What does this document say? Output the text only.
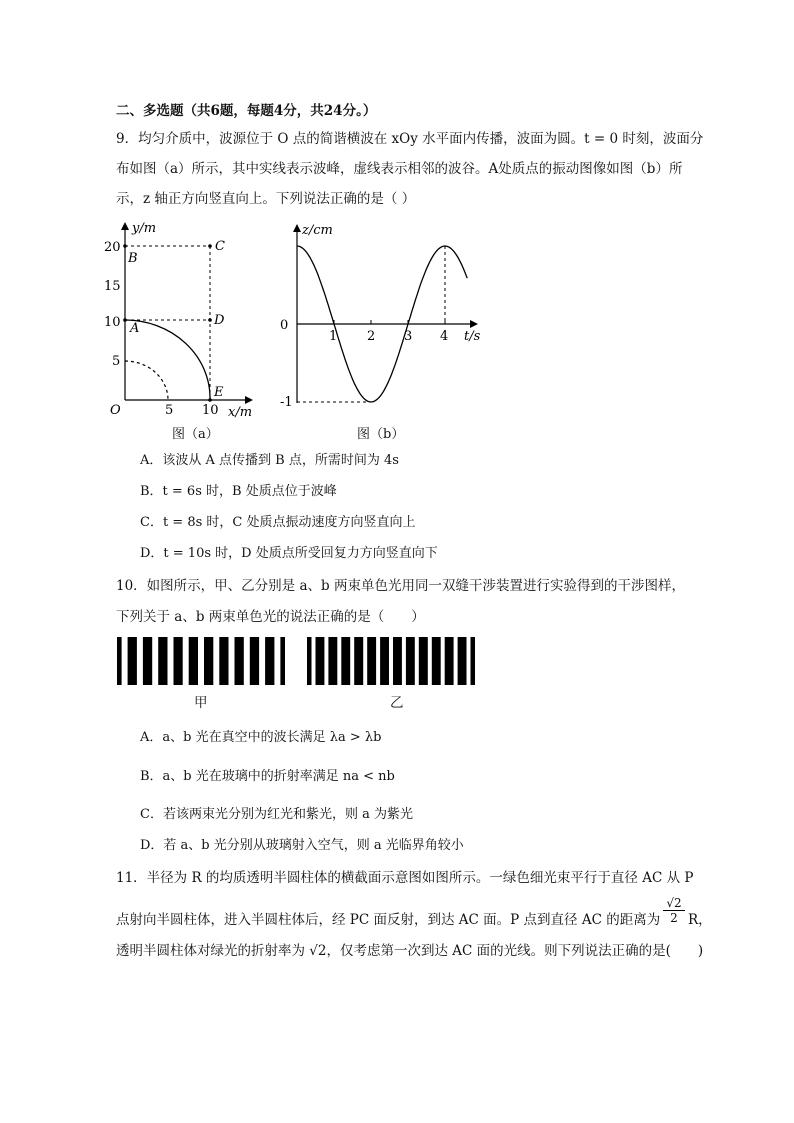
二、多选题（共6题，每题4分，共24分。）
9．均匀介质中，波源位于 O 点的简谐横波在 xOy 水平面内传播，波面为圆。t = 0 时刻，波面分
布如图（a）所示，其中实线表示波峰，虚线表示相邻的波谷。A处质点的振动图像如图（b）所
示，z 轴正方向竖直向上。下列说法正确的是（ ）
y/m
x/m
O
20
15
10
5
5 10
B
C
A
D
E
图（a）
z/cm
t/s
0
-1
1 2 3 4
图（b）
A．该波从 A 点传播到 B 点，所需时间为 4s
B．t = 6s 时，B 处质点位于波峰
C．t = 8s 时，C 处质点振动速度方向竖直向上
D．t = 10s 时，D 处质点所受回复力方向竖直向下
10．如图所示，甲、乙分别是 a、b 两束单色光用同一双缝干涉装置进行实验得到的干涉图样，
下列关于 a、b 两束单色光的说法正确的是（　　）
甲	乙
A．a、b 光在真空中的波长满足 λa > λb
B．a、b 光在玻璃中的折射率满足 na < nb
C．若该两束光分别为红光和紫光，则 a 为紫光
D．若 a、b 光分别从玻璃射入空气，则 a 光临界角较小
11．半径为 R 的均质透明半圆柱体的横截面示意图如图所示。一绿色细光束平行于直径 AC 从 P
点射向半圆柱体，进入半圆柱体后，经 PC 面反射，到达 AC 面。P 点到直径 AC 的距离为 $\frac{√2}{2}$ R，
透明半圆柱体对绿光的折射率为 √2，仅考虑第一次到达 AC 面的光线。则下列说法正确的是(　　)
